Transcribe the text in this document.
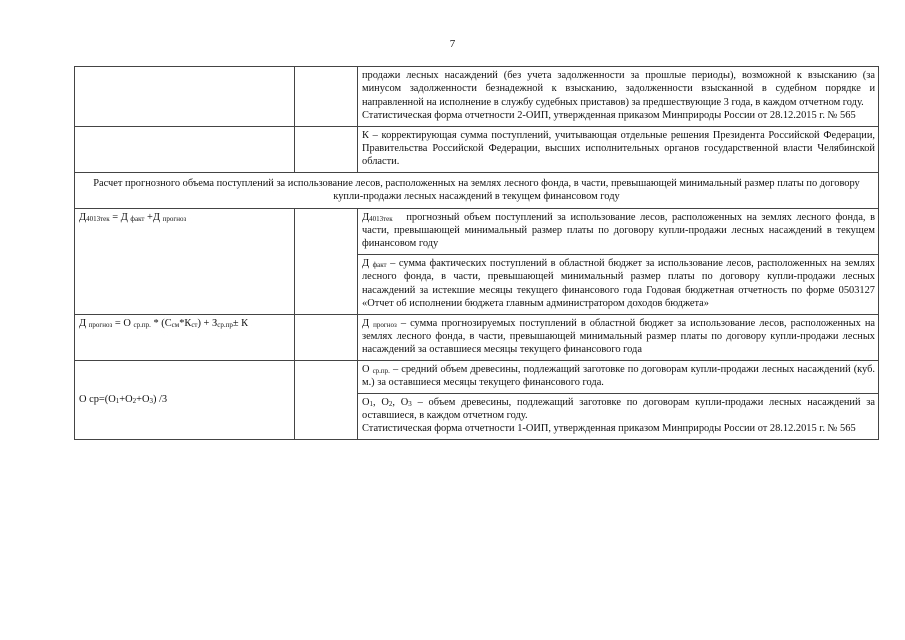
7

		продажи лесных насаждений (без учета задолженности за прошлые периоды), возможной к взысканию (за минусом задолженности безнадежной к взысканию, задолженности взысканной в судебном порядке и направленной на исполнение в службу судебных приставов) за предшествующие 3 года, в каждом отчетном году.

Статистическая форма отчетности 2-ОИП, утвержденная приказом Минприроды России от 28.12.2015 г. № 565

		К – корректирующая сумма поступлений, учитывающая отдельные решения Президента Российской Федерации, Правительства Российской Федерации, высших исполнительных органов государственной власти Челябинской области.

Расчет прогнозного объема поступлений за использование лесов, расположенных на землях лесного фонда, в части, превышающей минимальный размер платы по договору купли-продажи лесных насаждений в текущем финансовом году		
$Д_{4013тек} = Д$ $_{факт}$ +Д $_{прогноз}$		$Д_{4013тек}$   прогнозный объем поступлений за использование лесов, расположенных на землях лесного фонда, в части, превышающей минимальный размер платы по договору купли-продажи лесных насаждений в текущем финансовом году
		Д $_{факт}$ – сумма фактических поступлений в областной бюджет за использование лесов, расположенных на землях лесного фонда, в части, превышающей минимальный размер платы по договору купли-продажи лесных насаждений за истекшие месяцы текущего финансового года Годовая бюджетная отчетность по форме 0503127 «Отчет об исполнении бюджета главным администратором доходов бюджета»
Д $_{прогноз}$ = О $_{ср.пр.} * (С_{см}*К_{ст}) + З_{ср.пр}\pm К$		Д $_{прогноз}$ – сумма прогнозируемых поступлений в областной бюджет за использование лесов, расположенных на землях лесного фонда, в части, превышающей минимальный размер платы по договору купли-продажи лесных насаждений за оставшиеся месяцы текущего финансового года
О $ср=(О_1+О_2+О_3)$ /3		О $_{ср.пр.}$ – средний объем древесины, подлежащий заготовке по договорам купли-продажи лесных насаждений (куб. м.) за оставшиеся месяцы текущего финансового года.

		$О_1$, $О_2$, $О_3$ – объем древесины, подлежащий заготовке по договорам купли-продажи лесных насаждений за оставшиеся, в каждом отчетном году.

Статистическая форма отчетности 1-ОИП, утвержденная приказом Минприроды России от 28.12.2015 г. № 565
